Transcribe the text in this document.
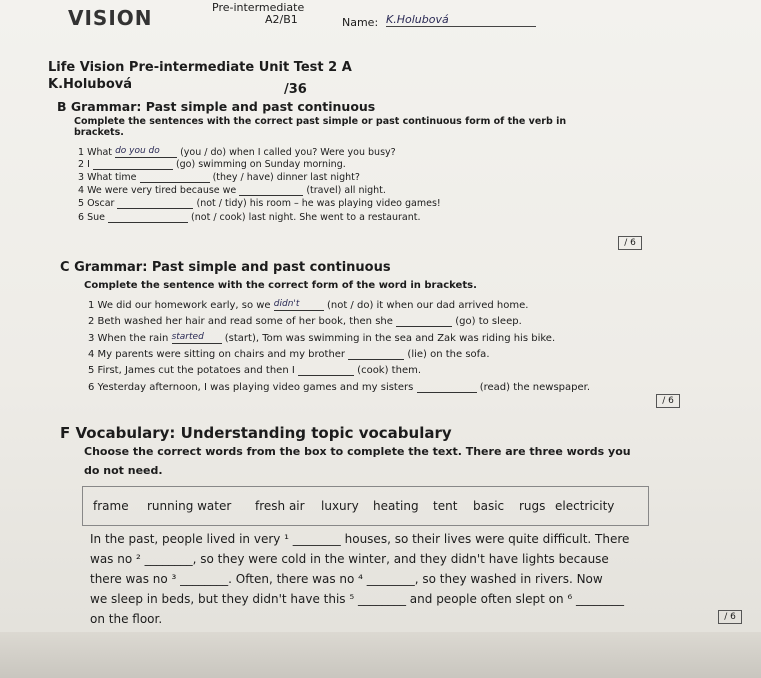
VISION	Pre-intermediate
A2/B1	Name: K.Holubová
Life Vision Pre-intermediate Unit Test 2 A
K.Holubová	/36
B Grammar: Past simple and past continuous
Complete the sentences with the correct past simple or past continuous form of the verb in brackets.
1 What do you do (you / do) when I called you? Were you busy?
2 I	(go) swimming on Sunday morning.
3 What time	(they / have) dinner last night?
4 We were very tired because we	(travel) all night.
5 Oscar	(not / tidy) his room – he was playing video games!
6 Sue	(not / cook) last night. She went to a restaurant.
/ 6
C Grammar: Past simple and past continuous
Complete the sentence with the correct form of the word in brackets.
1 We did our homework early, so we didn't	(not / do) it when our dad arrived home.
2 Beth washed her hair and read some of her book, then she	(go) to sleep.
3 When the rain started (start), Tom was swimming in the sea and Zak was riding his bike.
4 My parents were sitting on chairs and my brother	(lie) on the sofa.
5 First, James cut the potatoes and then I	(cook) them.
6 Yesterday afternoon, I was playing video games and my sisters	(read) the newspaper.
/ 6
F Vocabulary: Understanding topic vocabulary
Choose the correct words from the box to complete the text. There are three words you do not need.
frame running water fresh air luxury heating tent basic rugs electricity
In the past, people lived in very ¹ ________ houses, so their lives were quite difficult. There
was no ² ________, so they were cold in the winter, and they didn't have lights because
there was no ³ ________. Often, there was no ⁴ ________, so they washed in rivers. Now
we sleep in beds, but they didn't have this ⁵ ________ and people often slept on ⁶ ________
on the floor.	/ 6
